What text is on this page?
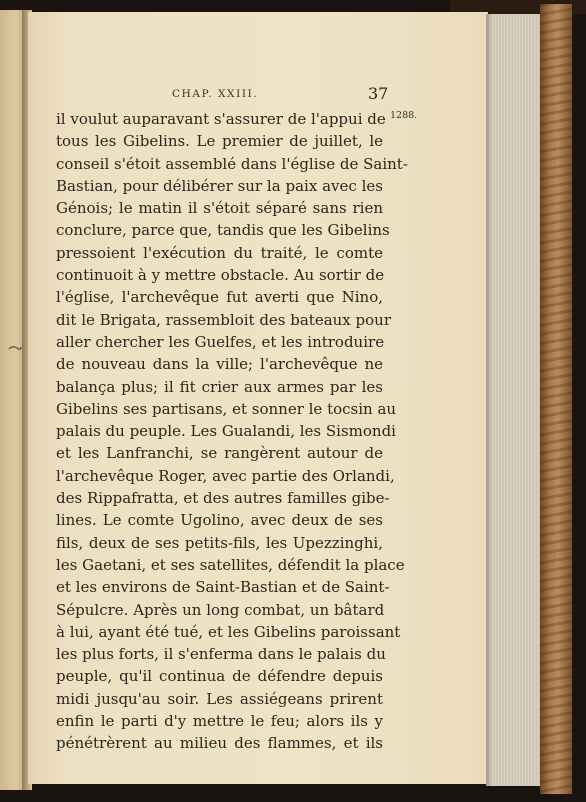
CHAP. XXIII.	37
1288.
il voulut auparavant s'assurer de l'appui de
tous les Gibelins. Le premier de juillet, le
conseil s'étoit assemblé dans l'église de Saint-
Bastian, pour délibérer sur la paix avec les
Génois; le matin il s'étoit séparé sans rien
conclure, parce que, tandis que les Gibelins
pressoient l'exécution du traité, le comte
continuoit à y mettre obstacle. Au sortir de
l'église, l'archevêque fut averti que Nino,
dit le Brigata, rassembloit des bateaux pour
aller chercher les Guelfes, et les introduire
de nouveau dans la ville; l'archevêque ne
balança plus; il fit crier aux armes par les
Gibelins ses partisans, et sonner le tocsin au
palais du peuple. Les Gualandi, les Sismondi
et les Lanfranchi, se rangèrent autour de
l'archevêque Roger, avec partie des Orlandi,
des Rippafratta, et des autres familles gibe-
lines. Le comte Ugolino, avec deux de ses
fils, deux de ses petits-fils, les Upezzinghi,
les Gaetani, et ses satellites, défendit la place
et les environs de Saint-Bastian et de Saint-
Sépulcre. Après un long combat, un bâtard
à lui, ayant été tué, et les Gibelins paroissant
les plus forts, il s'enferma dans le palais du
peuple, qu'il continua de défendre depuis
midi jusqu'au soir. Les assiégeans prirent
enfin le parti d'y mettre le feu; alors ils y
pénétrèrent au milieu des flammes, et ils
